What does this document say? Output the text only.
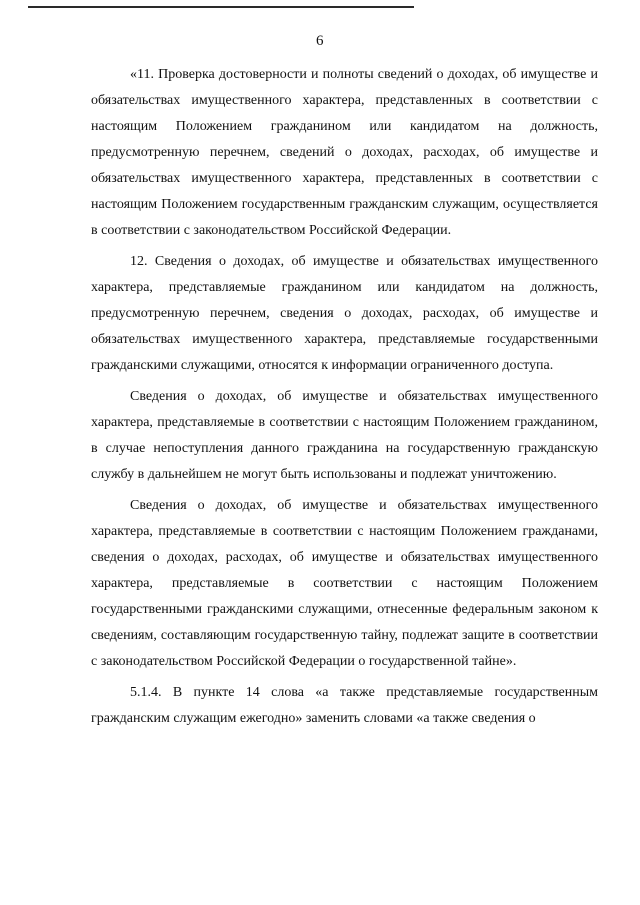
6

«11. Проверка достоверности и полноты сведений о доходах, об имуществе и обязательствах имущественного характера, представленных в соответствии с настоящим Положением гражданином или кандидатом на должность, предусмотренную перечнем, сведений о доходах, расходах, об имуществе и обязательствах имущественного характера, представленных в соответствии с настоящим Положением государственным гражданским служащим, осуществляется в соответствии с законодательством Российской Федерации.

12. Сведения о доходах, об имуществе и обязательствах имущественного характера, представляемые гражданином или кандидатом на должность, предусмотренную перечнем, сведения о доходах, расходах, об имуществе и обязательствах имущественного характера, представляемые государственными гражданскими служащими, относятся к информации ограниченного доступа.

Сведения о доходах, об имуществе и обязательствах имущественного характера, представляемые в соответствии с настоящим Положением гражданином, в случае непоступления данного гражданина на государственную гражданскую службу в дальнейшем не могут быть использованы и подлежат уничтожению.

Сведения о доходах, об имуществе и обязательствах имущественного характера, представляемые в соответствии с настоящим Положением гражданами, сведения о доходах, расходах, об имуществе и обязательствах имущественного характера, представляемые в соответствии с настоящим Положением государственными гражданскими служащими, отнесенные федеральным законом к сведениям, составляющим государственную тайну, подлежат защите в соответствии с законодательством Российской Федерации о государственной тайне».

5.1.4. В пункте 14 слова «а также представляемые государственным гражданским служащим ежегодно» заменить словами «а также сведения о
